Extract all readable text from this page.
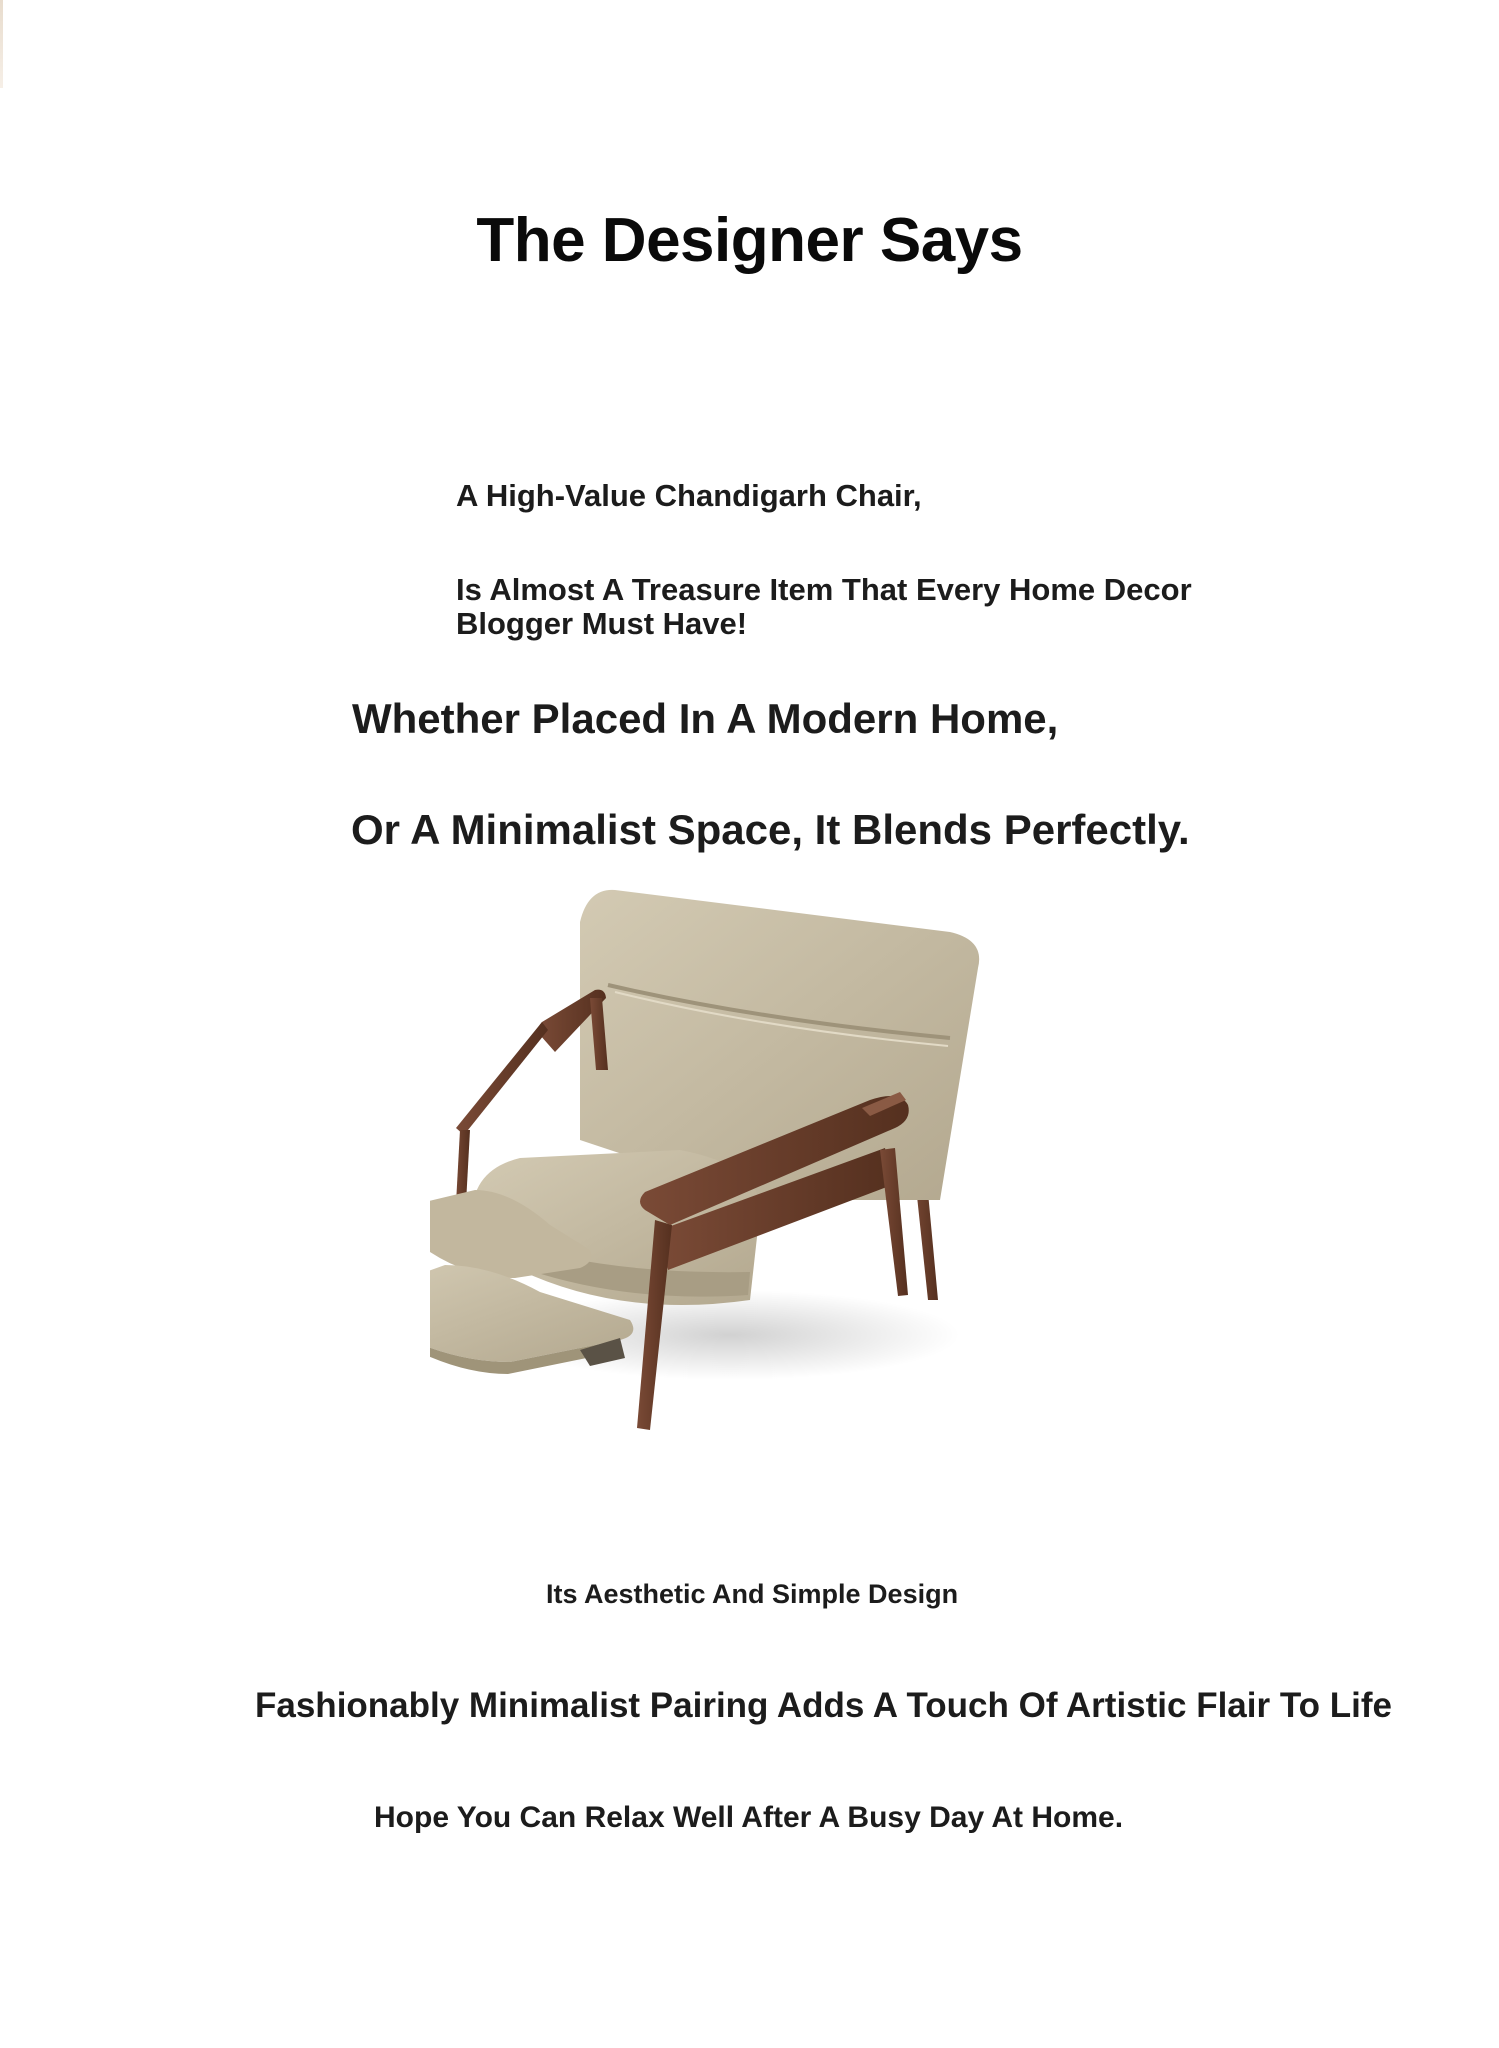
The Designer Says

A High-Value Chandigarh Chair,

Is Almost A Treasure Item That Every Home Decor Blogger Must Have!

Whether Placed In A Modern Home,

Or A Minimalist Space, It Blends Perfectly.

Its Aesthetic And Simple Design

Fashionably Minimalist Pairing Adds A Touch Of Artistic Flair To Life

Hope You Can Relax Well After A Busy Day At Home.
